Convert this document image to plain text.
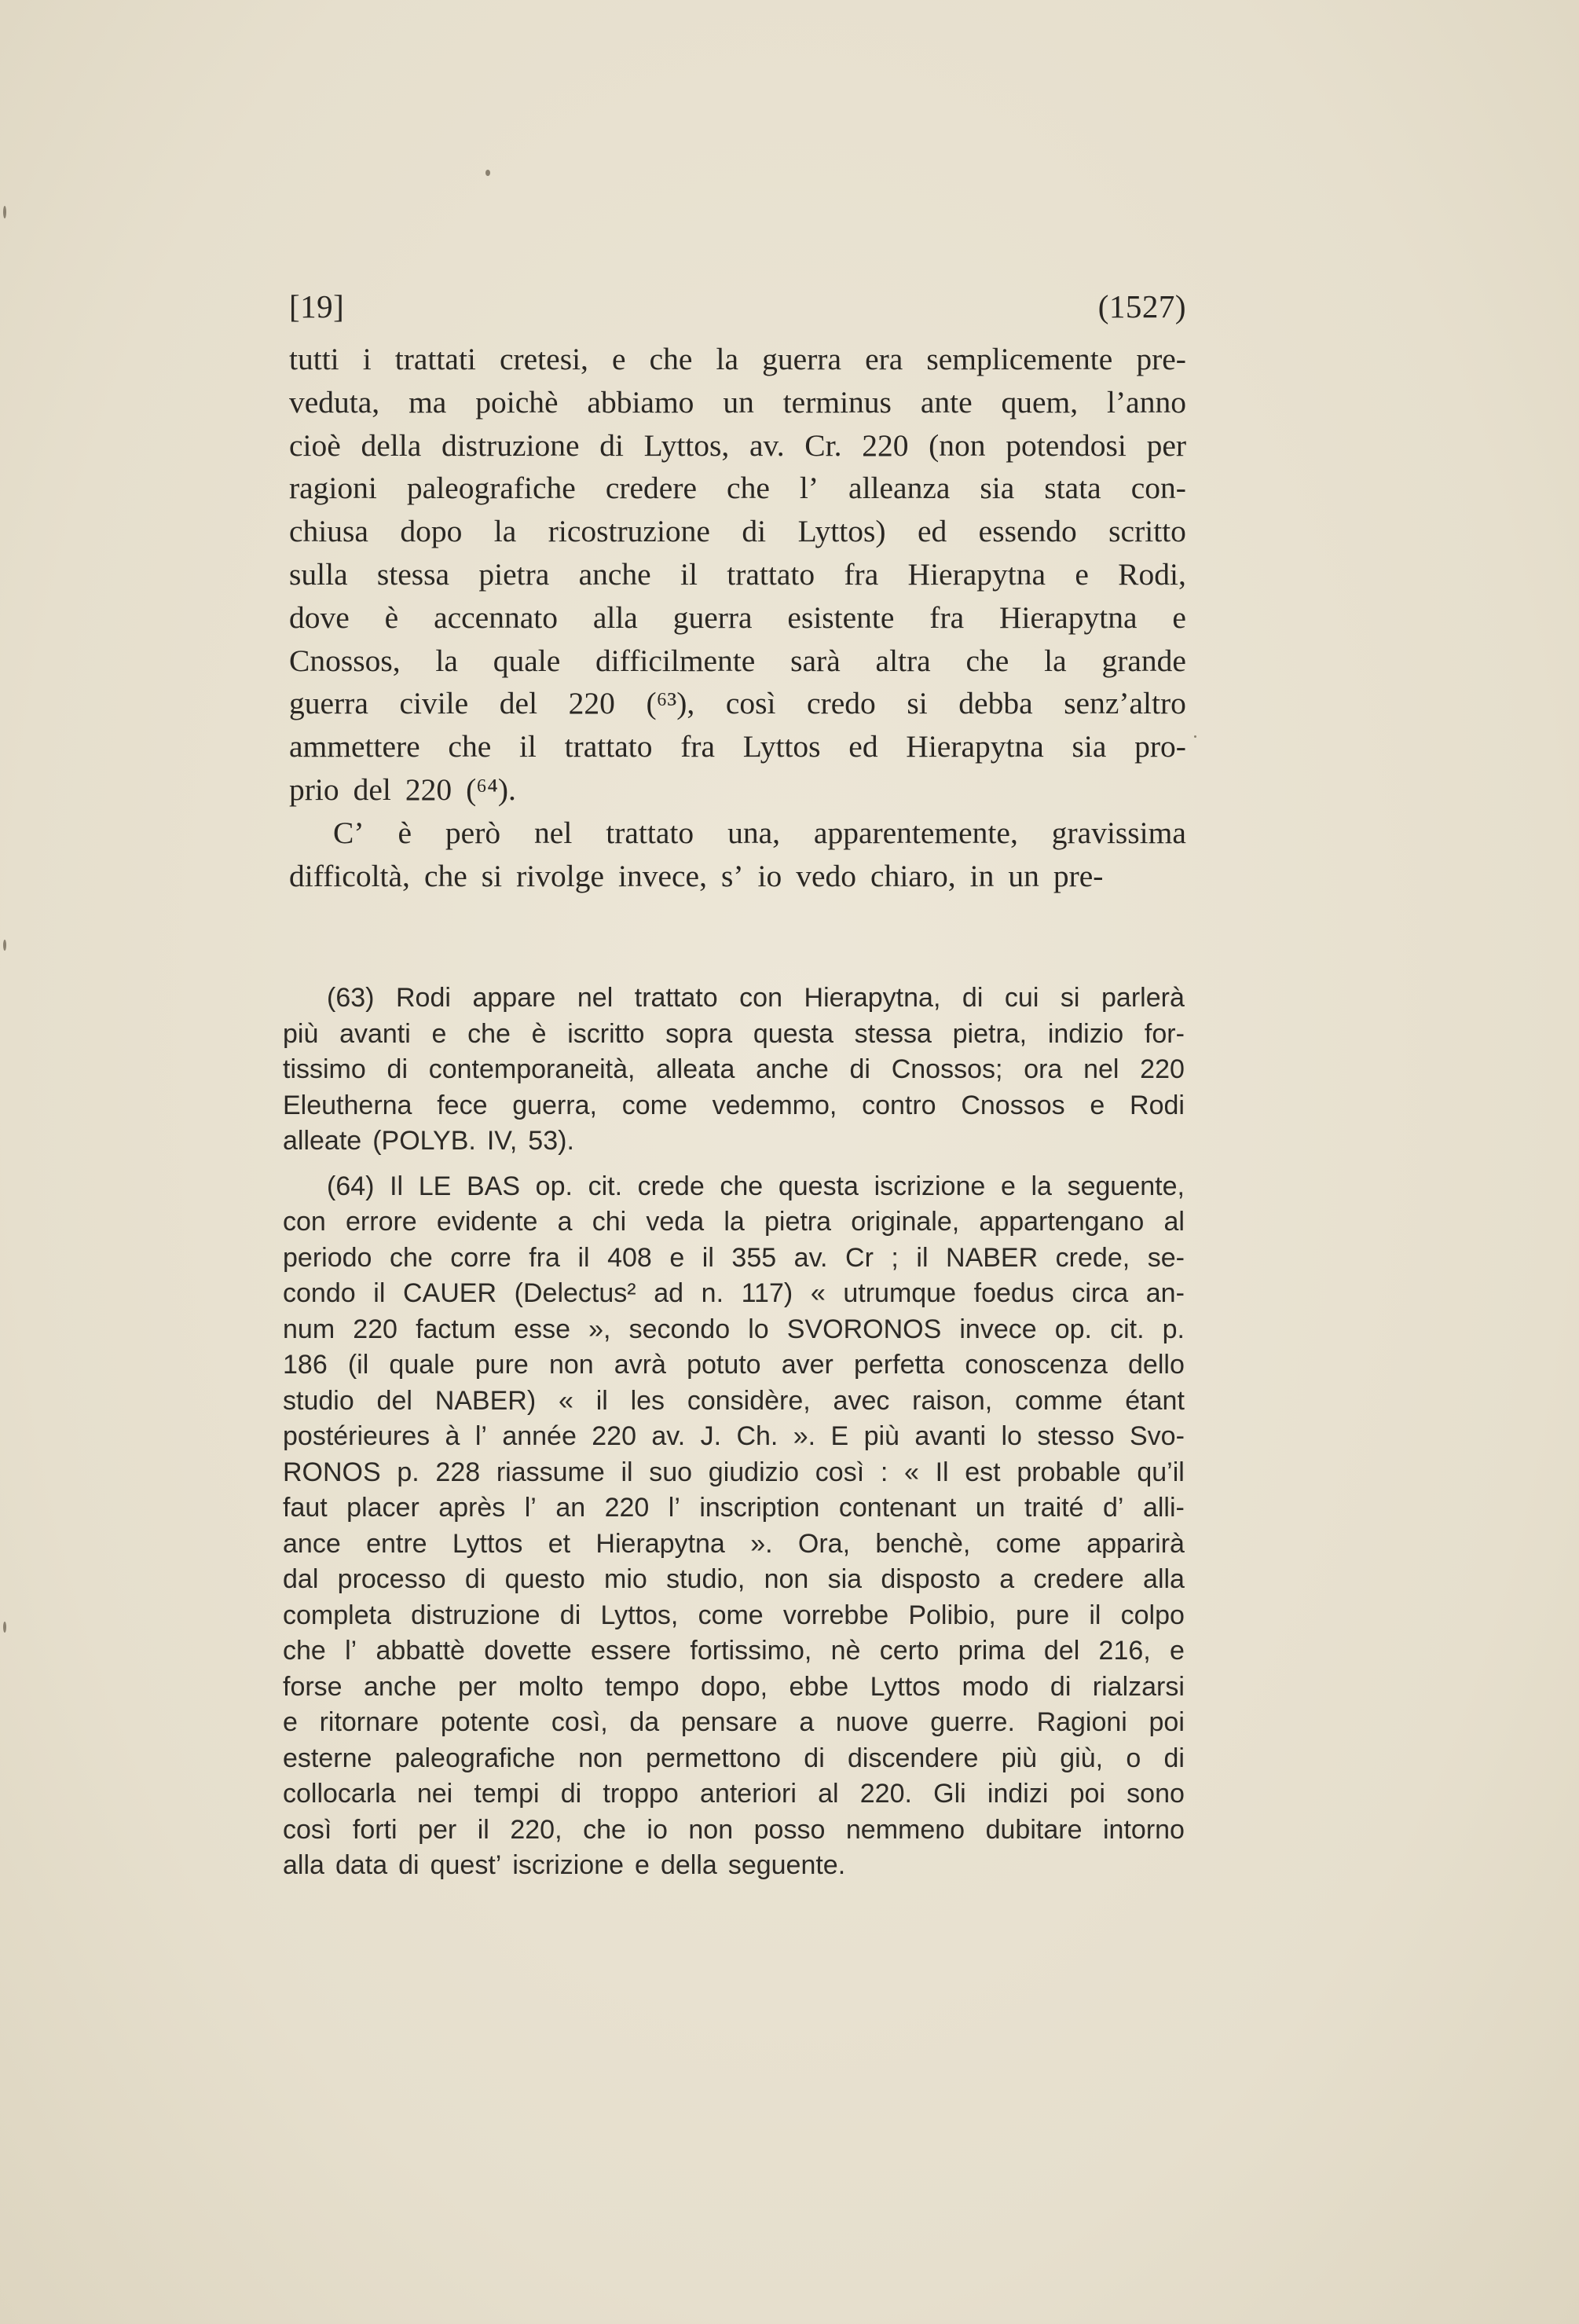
[19]	(1527)
tutti i trattati cretesi, e che la guerra era semplicemente pre-
veduta, ma poichè abbiamo un terminus ante quem, l’anno
cioè della distruzione di Lyttos, av. Cr. 220 (non potendosi per
ragioni paleografiche credere che l’ alleanza sia stata con-
chiusa dopo la ricostruzione di Lyttos) ed essendo scritto
sulla stessa pietra anche il trattato fra Hierapytna e Rodi,
dove è accennato alla guerra esistente fra Hierapytna e
Cnossos, la quale difficilmente sarà altra che la grande
guerra civile del 220 (⁶³), così credo si debba senz’altro
ammettere che il trattato fra Lyttos ed Hierapytna sia pro-
prio del 220 (⁶⁴).
C’ è però nel trattato una, apparentemente, gravissima
difficoltà, che si rivolge invece, s’ io vedo chiaro, in un pre-
(63) Rodi appare nel trattato con Hierapytna, di cui si parlerà
più avanti e che è iscritto sopra questa stessa pietra, indizio for-
tissimo di contemporaneità, alleata anche di Cnossos; ora nel 220
Eleutherna fece guerra, come vedemmo, contro Cnossos e Rodi
alleate (POLYB. IV, 53).
(64) Il LE BAS op. cit. crede che questa iscrizione e la seguente,
con errore evidente a chi veda la pietra originale, appartengano al
periodo che corre fra il 408 e il 355 av. Cr ; il NABER crede, se-
condo il CAUER (Delectus² ad n. 117) « utrumque foedus circa an-
num 220 factum esse », secondo lo SVORONOS invece op. cit. p.
186 (il quale pure non avrà potuto aver perfetta conoscenza dello
studio del NABER) « il les considère, avec raison, comme étant
postérieures à l’ année 220 av. J. Ch. ». E più avanti lo stesso Svo-
RONOS p. 228 riassume il suo giudizio così : « Il est probable qu’il
faut placer après l’ an 220 l’ inscription contenant un traité d’ alli-
ance entre Lyttos et Hierapytna ». Ora, benchè, come apparirà
dal processo di questo mio studio, non sia disposto a credere alla
completa distruzione di Lyttos, come vorrebbe Polibio, pure il colpo
che l’ abbattè dovette essere fortissimo, nè certo prima del 216, e
forse anche per molto tempo dopo, ebbe Lyttos modo di rialzarsi
e ritornare potente così, da pensare a nuove guerre. Ragioni poi
esterne paleografiche non permettono di discendere più giù, o di
collocarla nei tempi di troppo anteriori al 220. Gli indizi poi sono
così forti per il 220, che io non posso nemmeno dubitare intorno
alla data di quest’ iscrizione e della seguente.
